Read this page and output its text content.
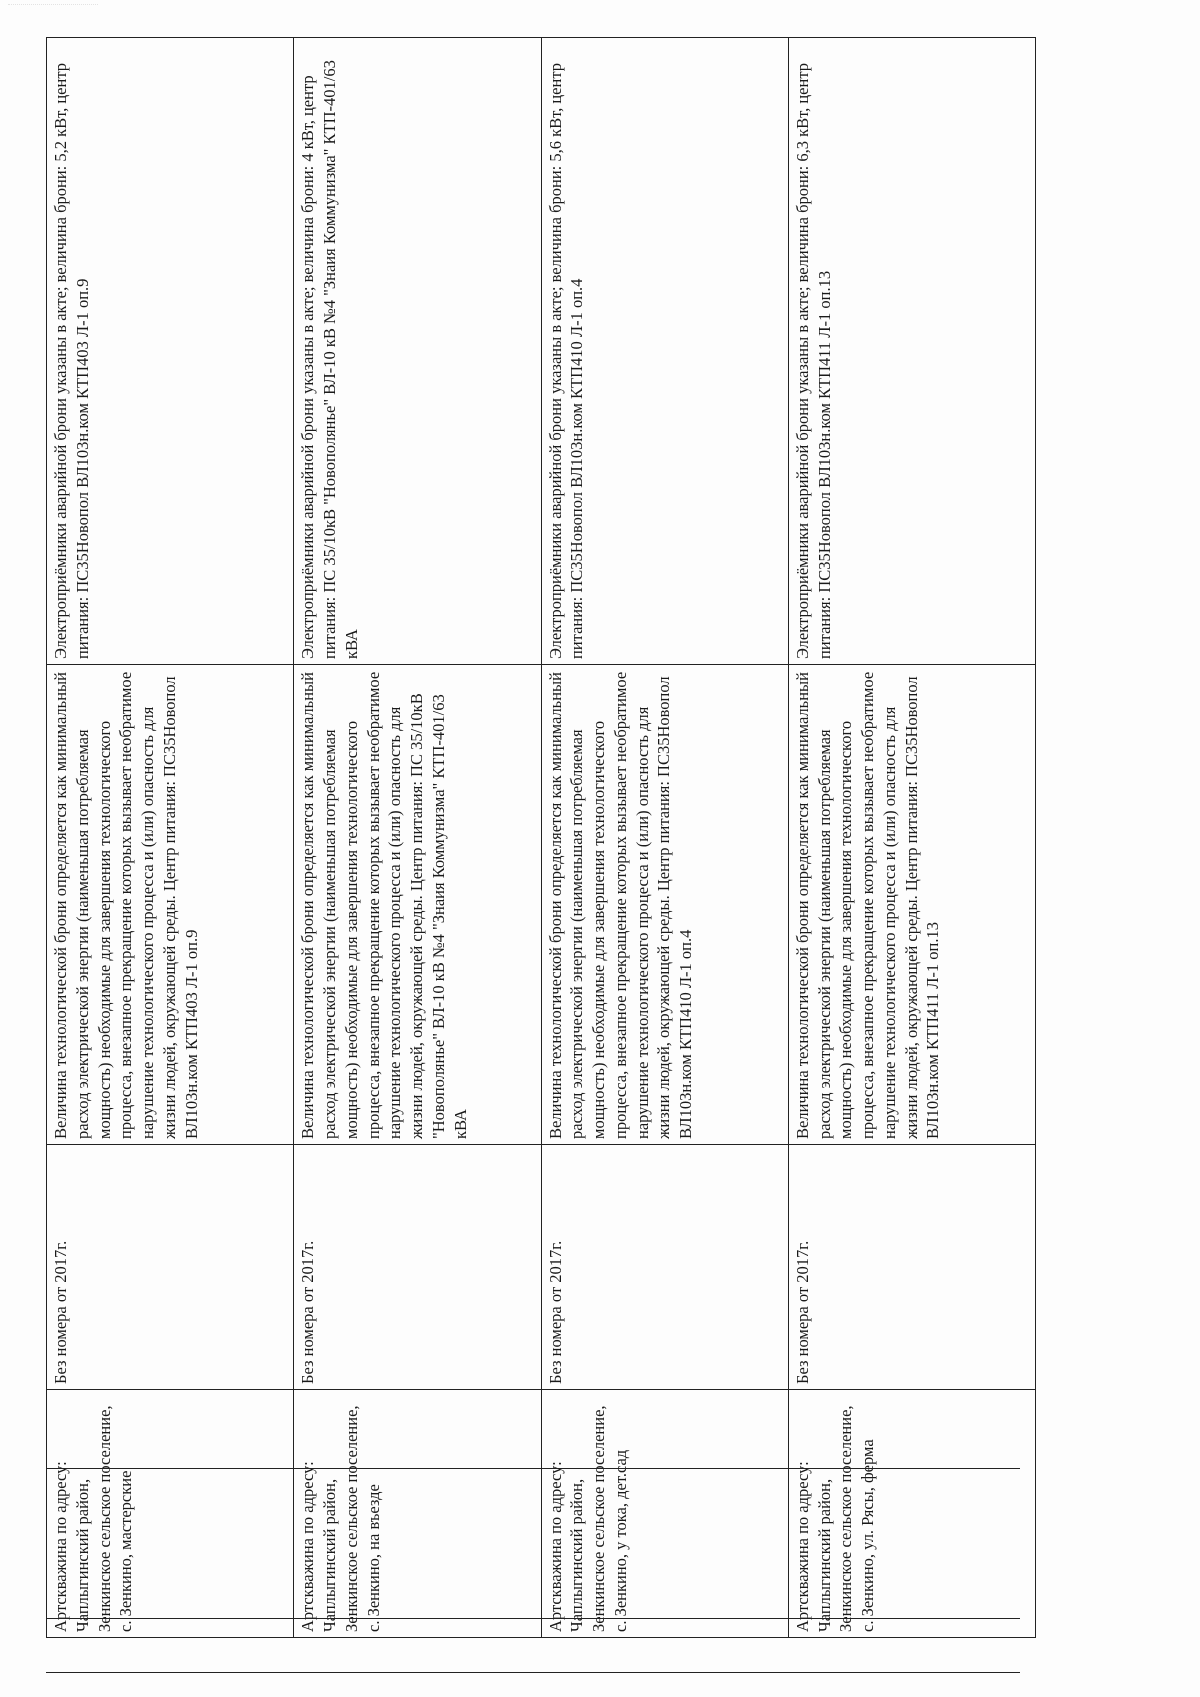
Артскважина по адресу: Чаплыгинский район, Зенкинское сельское поселение, с. Зенкино, мастерские	Без номера от 2017г.	Величина технологической брони определяется как минимальный расход электрической энергии (наименьшая потребляемая мощность) необходимые для завершения технологического процесса, внезапное прекращение которых вызывает необратимое нарушение технологического процесса и (или) опасность для жизни людей, окружающей среды. Центр питания: ПС35Новопол ВЛ103н.ком КТП403 Л-1 оп.9	Электроприёмники аварийной брони указаны в акте; величина брони: 5,2 кВт, центр питания: ПС35Новопол ВЛ103н.ком КТП403 Л-1 оп.9
Артскважина по адресу: Чаплыгинский район, Зенкинское сельское поселение, с. Зенкино, на въезде	Без номера от 2017г.	Величина технологической брони определяется как минимальный расход электрической энергии (наименьшая потребляемая мощность) необходимые для завершения технологического процесса, внезапное прекращение которых вызывает необратимое нарушение технологического процесса и (или) опасность для жизни людей, окружающей среды. Центр питания: ПС 35/10кВ "Новополянье" ВЛ-10 кВ №4 "Знаия Коммунизма" КТП-401/63 кВА	Электроприёмники аварийной брони указаны в акте; величина брони: 4 кВт, центр питания: ПС 35/10кВ "Новополянье" ВЛ-10 кВ №4 "Знаия Коммунизма" КТП-401/63 кВА
Артскважина по адресу: Чаплыгинский район, Зенкинское сельское поселение, с. Зенкино, у тока, дет.сад	Без номера от 2017г.	Величина технологической брони определяется как минимальный расход электрической энергии (наименьшая потребляемая мощность) необходимые для завершения технологического процесса, внезапное прекращение которых вызывает необратимое нарушение технологического процесса и (или) опасность для жизни людей, окружающей среды. Центр питания: ПС35Новопол ВЛ103н.ком КТП410 Л-1 оп.4	Электроприёмники аварийной брони указаны в акте; величина брони: 5,6 кВт, центр питания: ПС35Новопол ВЛ103н.ком КТП410 Л-1 оп.4
Артскважина по адресу: Чаплыгинский район, Зенкинское сельское поселение, с. Зенкино, ул. Рясы, ферма	Без номера от 2017г.	Величина технологической брони определяется как минимальный расход электрической энергии (наименьшая потребляемая мощность) необходимые для завершения технологического процесса, внезапное прекращение которых вызывает необратимое нарушение технологического процесса и (или) опасность для жизни людей, окружающей среды. Центр питания: ПС35Новопол ВЛ103н.ком КТП411 Л-1 оп.13	Электроприёмники аварийной брони указаны в акте; величина брони: 6,3 кВт, центр питания: ПС35Новопол ВЛ103н.ком КТП411 Л-1 оп.13
